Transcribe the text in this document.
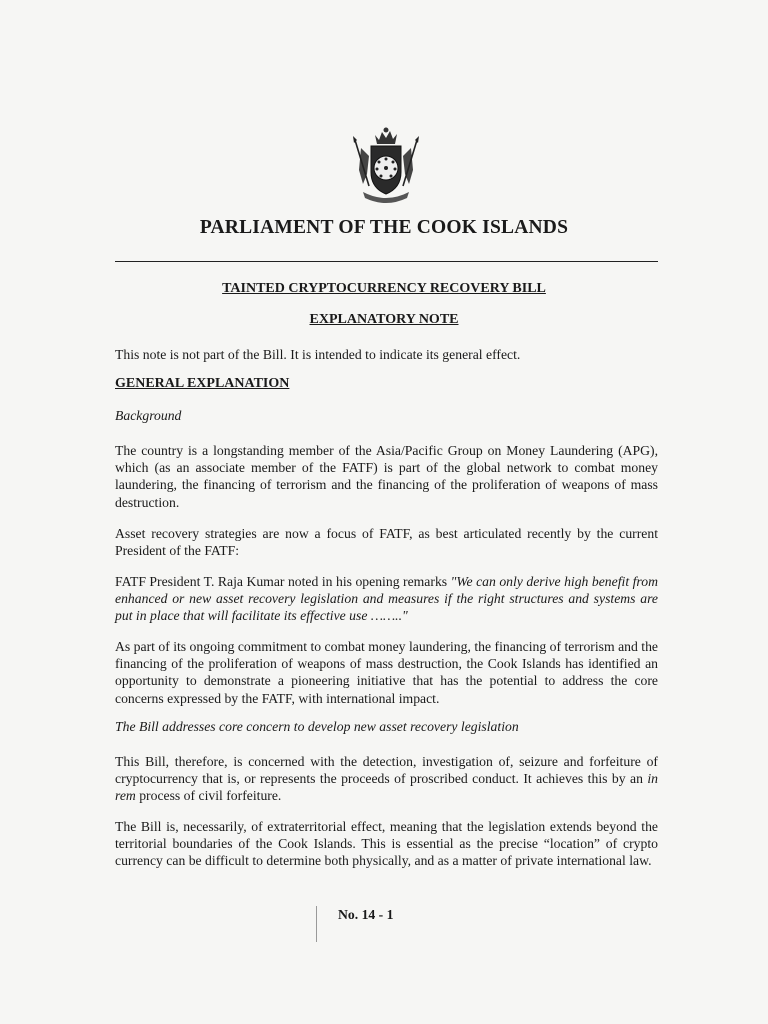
PARLIAMENT OF THE COOK ISLANDS
TAINTED CRYPTOCURRENCY RECOVERY BILL
EXPLANATORY NOTE

This note is not part of the Bill. It is intended to indicate its general effect.

GENERAL EXPLANATION
Background

The country is a longstanding member of the Asia/Pacific Group on Money Laundering (APG), which (as an associate member of the FATF) is part of the global network to combat money laundering, the financing of terrorism and the financing of the proliferation of weapons of mass destruction.

Asset recovery strategies are now a focus of FATF, as best articulated recently by the current President of the FATF:

FATF President T. Raja Kumar noted in his opening remarks "We can only derive high benefit from enhanced or new asset recovery legislation and measures if the right structures and systems are put in place that will facilitate its effective use …….."

As part of its ongoing commitment to combat money laundering, the financing of terrorism and the financing of the proliferation of weapons of mass destruction, the Cook Islands has identified an opportunity to demonstrate a pioneering initiative that has the potential to address the core concerns expressed by the FATF, with international impact.

The Bill addresses core concern to develop new asset recovery legislation

This Bill, therefore, is concerned with the detection, investigation of, seizure and forfeiture of cryptocurrency that is, or represents the proceeds of proscribed conduct. It achieves this by an in rem process of civil forfeiture.

The Bill is, necessarily, of extraterritorial effect, meaning that the legislation extends beyond the territorial boundaries of the Cook Islands. This is essential as the precise “location” of crypto currency can be difficult to determine both physically, and as a matter of private international law.

No. 14 - 1
